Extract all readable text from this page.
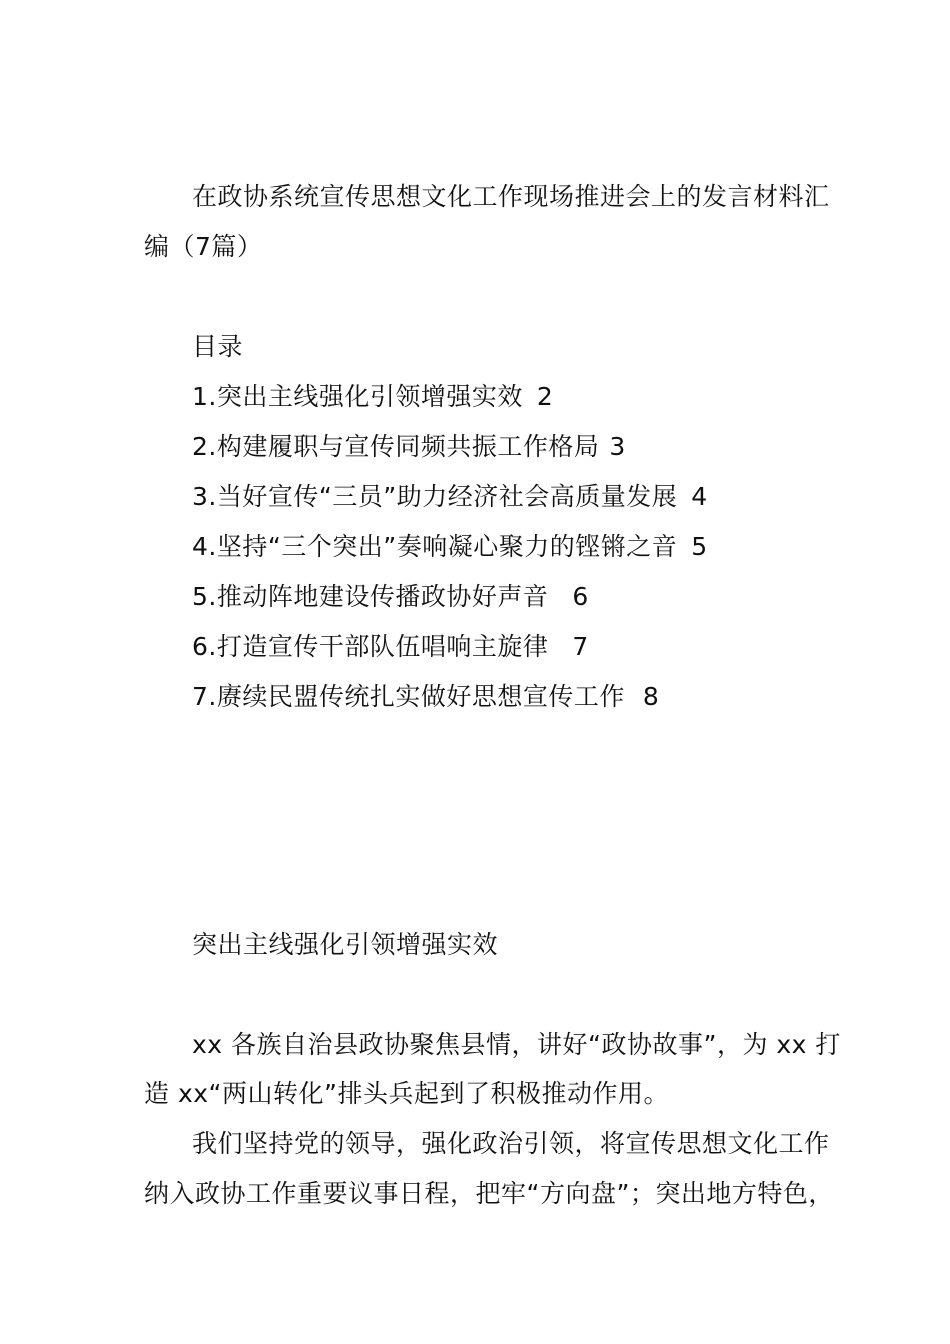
在政协系统宣传思想文化工作现场推进会上的发言材料汇
编（7篇）
目录
1.突出主线强化引领增强实效 2
2.构建履职与宣传同频共振工作格局 3
3.当好宣传“三员”助力经济社会高质量发展 4
4.坚持“三个突出”奏响凝心聚力的铿锵之音 5
5.推动阵地建设传播政协好声音 6
6.打造宣传干部队伍唱响主旋律 7
7.赓续民盟传统扎实做好思想宣传工作 8
突出主线强化引领增强实效
xx 各族自治县政协聚焦县情，讲好“政协故事”，为 xx 打
造 xx“两山转化”排头兵起到了积极推动作用。
我们坚持党的领导，强化政治引领，将宣传思想文化工作
纳入政协工作重要议事日程，把牢“方向盘”；突出地方特色，
